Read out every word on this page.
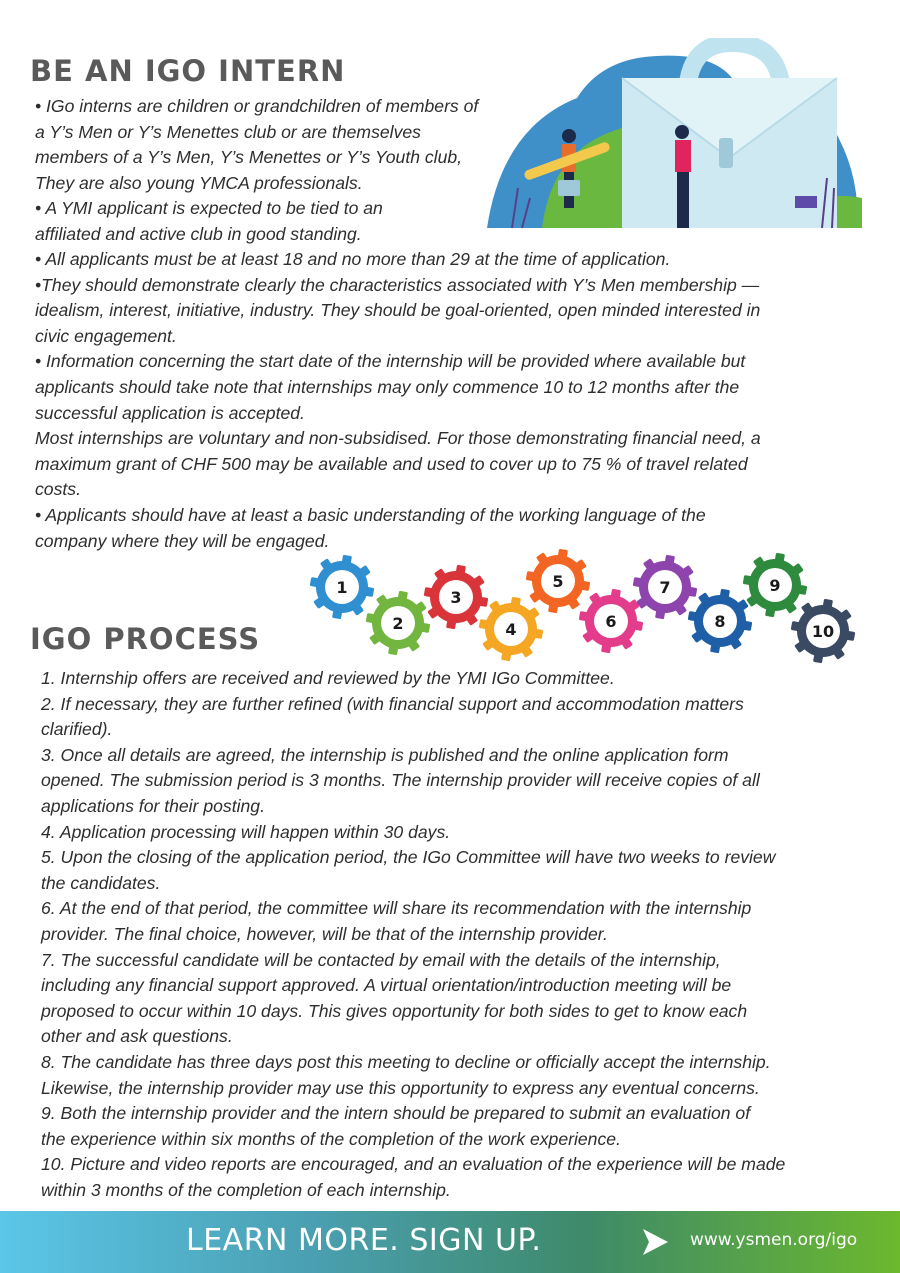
BE AN IGO INTERN

• IGo interns are children or grandchildren of members of

a Y’s Men or Y’s Menettes club or are themselves

members of a Y’s Men, Y’s Menettes or Y’s Youth club,

They are also young YMCA professionals.

• A YMI applicant is expected to be tied to an

affiliated and active club in good standing.

• All applicants must be at least 18 and no more than 29 at the time of application.

•They should demonstrate clearly the characteristics associated with Y’s Men membership —

idealism, interest, initiative, industry. They should be goal-oriented, open minded interested in

civic engagement.

• Information concerning the start date of the internship will be provided where available but

applicants should take note that internships may only commence 10 to 12 months after the

successful application is accepted.

Most internships are voluntary and non-subsidised. For those demonstrating financial need, a

maximum grant of CHF 500 may be available and used to cover up to 75 % of travel related

costs.

• Applicants should have at least a basic understanding of the working language of the

company where they will be engaged.

1
2
3
4
5
6
7
8
9
10
IGO PROCESS

1. Internship offers are received and reviewed by the YMI IGo Committee.

2. If necessary, they are further refined (with financial support and accommodation matters

clarified).

3. Once all details are agreed, the internship is published and the online application form

opened. The submission period is 3 months. The internship provider will receive copies of all

applications for their posting.

4. Application processing will happen within 30 days.

5. Upon the closing of the application period, the IGo Committee will have two weeks to review

the candidates.

6. At the end of that period, the committee will share its recommendation with the internship

provider. The final choice, however, will be that of the internship provider.

7. The successful candidate will be contacted by email with the details of the internship,

including any financial support approved. A virtual orientation/introduction meeting will be

proposed to occur within 10 days. This gives opportunity for both sides to get to know each

other and ask questions.

8. The candidate has three days post this meeting to decline or officially accept the internship.

Likewise, the internship provider may use this opportunity to express any eventual concerns.

9. Both the internship provider and the intern should be prepared to submit an evaluation of

the experience within six months of the completion of the work experience.

10. Picture and video reports are encouraged, and an evaluation of the experience will be made

within 3 months of the completion of each internship.

LEARN MORE. SIGN UP.	www.ysmen.org/igo
